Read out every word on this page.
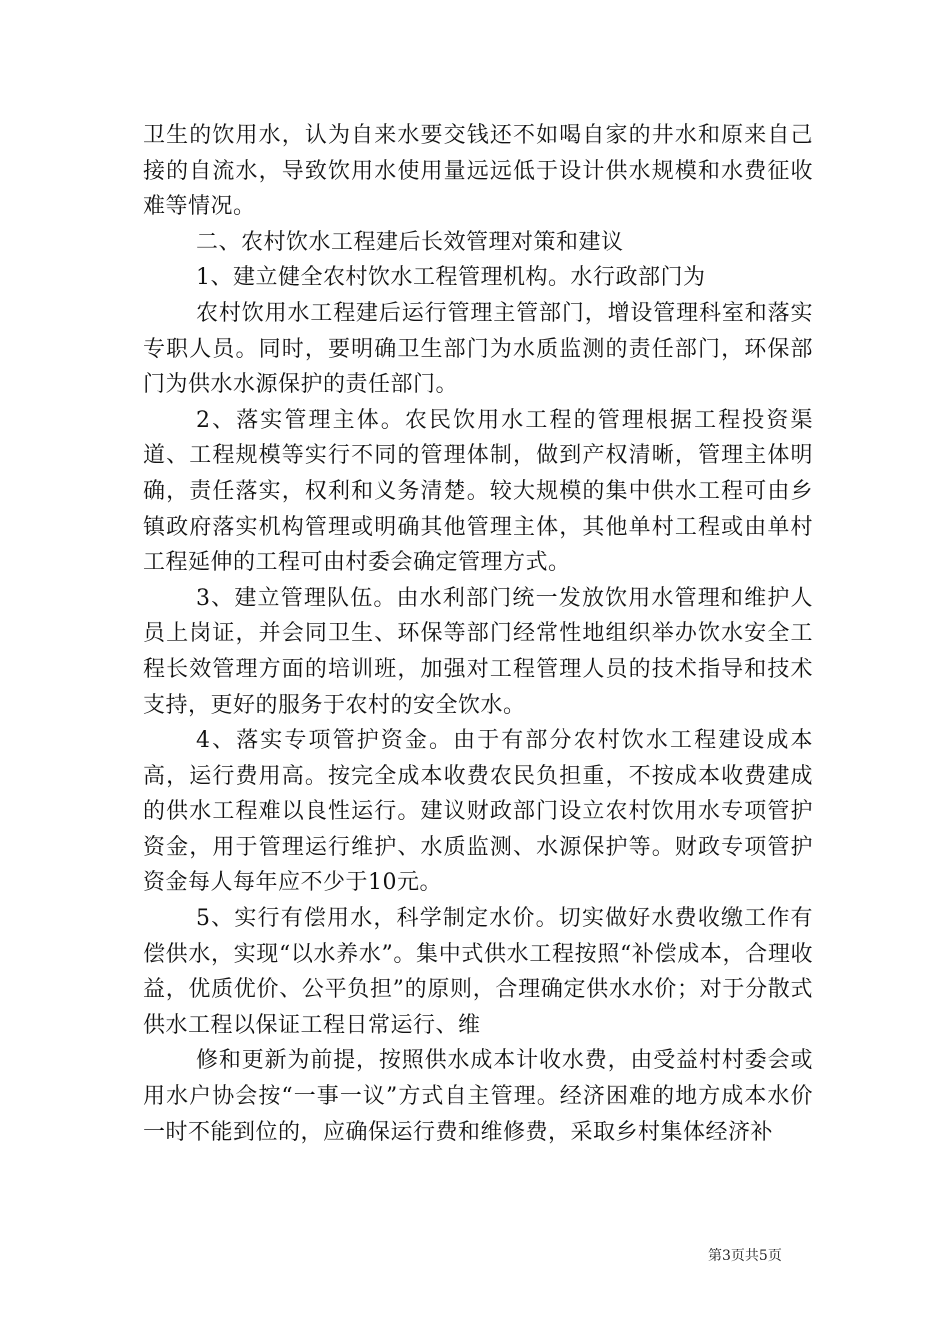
卫生的饮用水，认为自来水要交钱还不如喝自家的井水和原来自己接的自流水，导致饮用水使用量远远低于设计供水规模和水费征收难等情况。

二、农村饮水工程建后长效管理对策和建议

1、建立健全农村饮水工程管理机构。水行政部门为

农村饮用水工程建后运行管理主管部门，增设管理科室和落实专职人员。同时，要明确卫生部门为水质监测的责任部门，环保部门为供水水源保护的责任部门。

2、落实管理主体。农民饮用水工程的管理根据工程投资渠道、工程规模等实行不同的管理体制，做到产权清晰，管理主体明确，责任落实，权利和义务清楚。较大规模的集中供水工程可由乡镇政府落实机构管理或明确其他管理主体，其他单村工程或由单村工程延伸的工程可由村委会确定管理方式。

3、建立管理队伍。由水利部门统一发放饮用水管理和维护人员上岗证，并会同卫生、环保等部门经常性地组织举办饮水安全工程长效管理方面的培训班，加强对工程管理人员的技术指导和技术支持，更好的服务于农村的安全饮水。

4、落实专项管护资金。由于有部分农村饮水工程建设成本高，运行费用高。按完全成本收费农民负担重，不按成本收费建成的供水工程难以良性运行。建议财政部门设立农村饮用水专项管护资金，用于管理运行维护、水质监测、水源保护等。财政专项管护资金每人每年应不少于10元。

5、实行有偿用水，科学制定水价。切实做好水费收缴工作有偿供水，实现“以水养水”。集中式供水工程按照“补偿成本，合理收益，优质优价、公平负担”的原则，合理确定供水水价；对于分散式供水工程以保证工程日常运行、维

修和更新为前提，按照供水成本计收水费，由受益村村委会或用水户协会按“一事一议”方式自主管理。经济困难的地方成本水价一时不能到位的，应确保运行费和维修费，采取乡村集体经济补

第3页共5页
